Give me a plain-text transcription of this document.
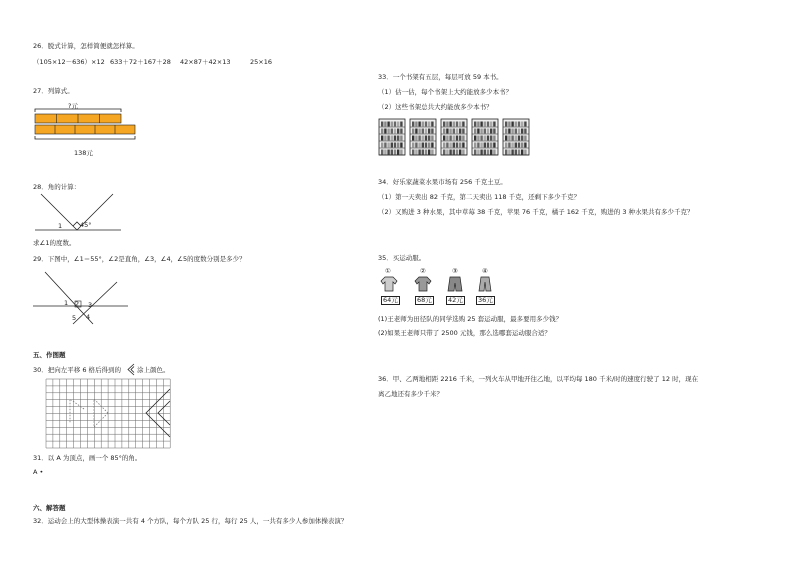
26．脱式计算，怎样简便就怎样算。
（105×12－636）×12 633＋72＋167＋28 42×87＋42×13	25×16
27．列算式。
?元
138元
28．角的计算：
1	45°
求∠1的度数。
29．下图中，∠1＝55°，∠2是直角，∠3，∠4，∠5的度数分别是多少？
1 2 3
4
5
五、作图题
30．把向左平移 6 格后得到的 涂上颜色。
31．以 A 为顶点，画一个 85°的角。
A •
六、解答题
32．运动会上的大型体操表演一共有 4 个方队，每个方队 25 行，每行 25 人，一共有多少人参加体操表演？
33．一个书架有五层，每层可放 59 本书。
（1）估一估，每个书架上大约能放多少本书？
（2）这些书架总共大约能放多少本书？
34．好乐家蔬菜水果市场有 256 千克土豆。
（1）第一天卖出 82 千克，第二天卖出 118 千克，还剩下多少千克？
（2）又购进 3 种水果，其中草莓 38 千克，苹果 76 千克，橘子 162 千克，购进的 3 种水果共有多少千克？
35．买运动服。
①
64元
②
68元
③
42元
④
36元
(1)王老师为田径队的同学选购 25 套运动服，最多要用多少钱？
(2)如果王老师只带了 2500 元钱，那么选哪套运动服合适？
36．甲、乙两地相距 2216 千米，一列火车从甲地开往乙地，以平均每 180 千米/时的速度行驶了 12 时，现在
离乙地还有多少千米？
